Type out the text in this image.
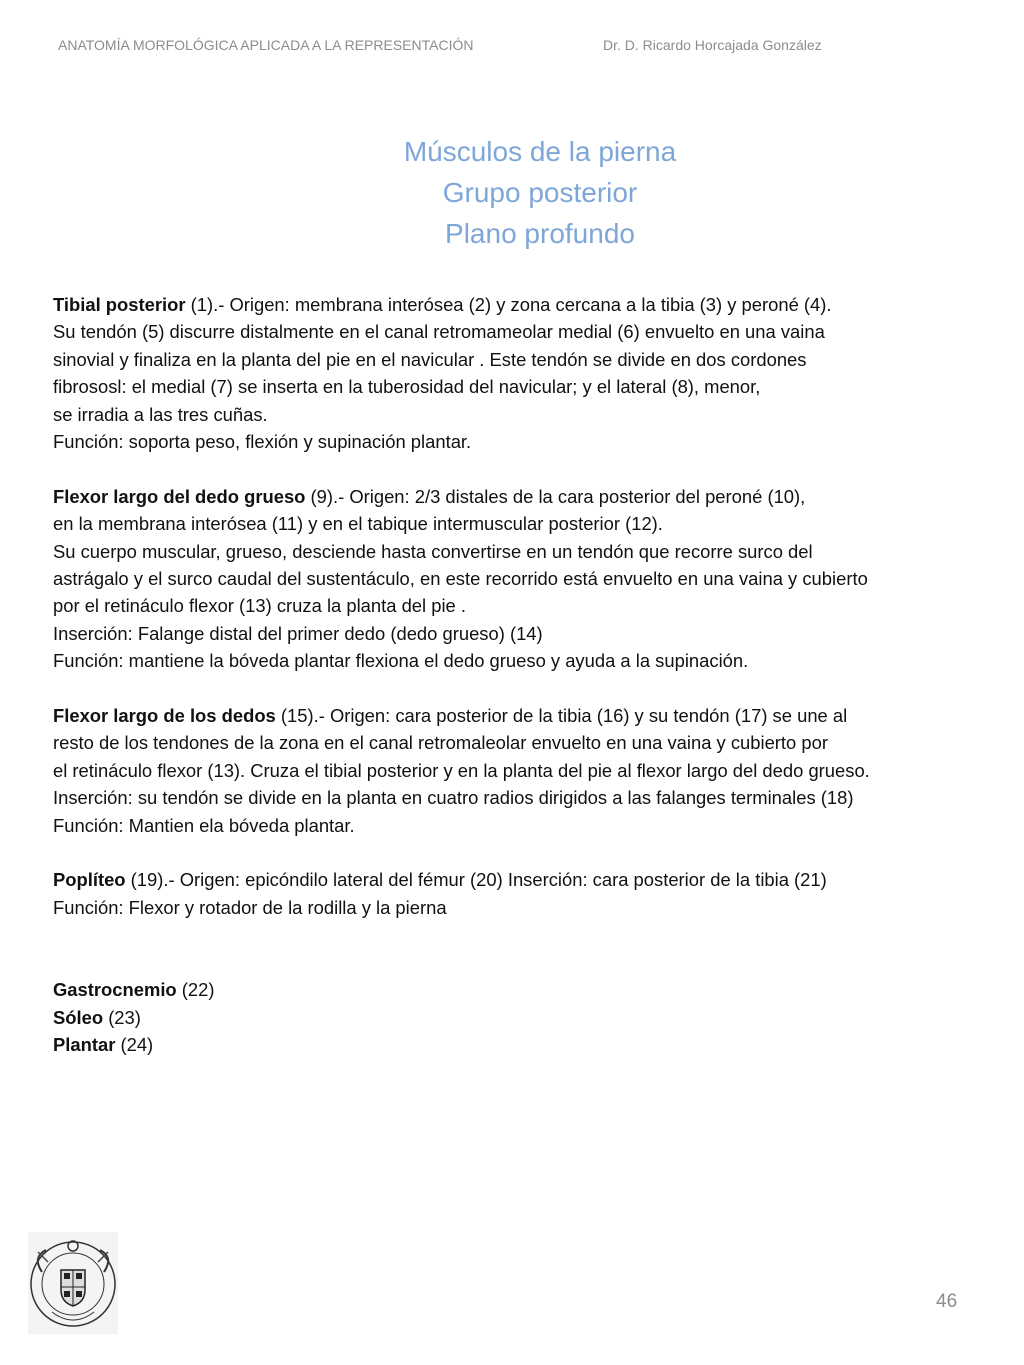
ANATOMÍA MORFOLÓGICA APLICADA A LA REPRESENTACIÓN	Dr. D. Ricardo Horcajada González
Músculos de la pierna
Grupo posterior
Plano profundo
Tibial posterior (1).- Origen: membrana interósea (2) y zona cercana a la tibia (3) y peroné (4).
Su tendón (5) discurre distalmente en el canal retromameolar medial (6) envuelto en una vaina
sinovial y finaliza en la planta del pie en el navicular . Este tendón se divide en dos cordones
fibrososl: el medial (7) se inserta en la tuberosidad del navicular; y el lateral (8), menor,
se irradia a las tres cuñas.
Función: soporta peso, flexión y supinación plantar.
Flexor largo del dedo grueso (9).- Origen: 2/3 distales de la cara posterior del peroné (10),
en la membrana interósea (11) y en el tabique intermuscular posterior (12).
Su cuerpo muscular, grueso, desciende hasta convertirse en un tendón que recorre surco del
astrágalo y el surco caudal del sustentáculo, en este recorrido está envuelto en una vaina y cubierto
por el retináculo flexor (13) cruza la planta del pie .
Inserción: Falange distal del primer dedo (dedo grueso) (14)
Función: mantiene la bóveda plantar flexiona el dedo grueso y ayuda a la supinación.
Flexor largo de los dedos (15).- Origen: cara posterior de la tibia (16) y su tendón (17) se une al
resto de los tendones de la zona en el canal retromaleolar envuelto en una vaina y cubierto por
el retináculo flexor (13). Cruza el tibial posterior y en la planta del pie al flexor largo del dedo grueso.
Inserción: su tendón se divide en la planta en cuatro radios dirigidos a las falanges terminales (18)
Función: Mantien ela bóveda plantar.
Poplíteo (19).- Origen: epicóndilo lateral del fémur (20) Inserción: cara posterior de la tibia (21)
Función: Flexor y rotador de la rodilla y la pierna
Gastrocnemio (22)
Sóleo (23)
Plantar (24)
46
